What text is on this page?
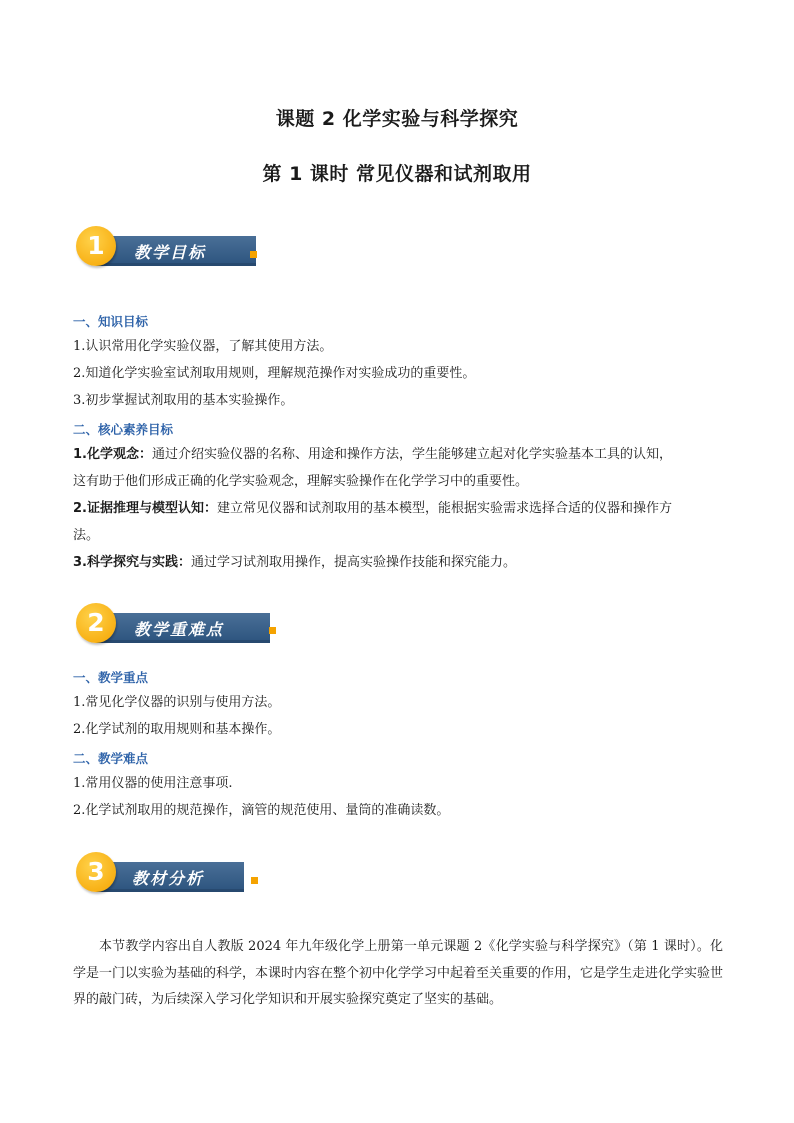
课题 2 化学实验与科学探究
第 1 课时 常见仪器和试剂取用
教学目标
1
一、知识目标
1.认识常用化学实验仪器，了解其使用方法。
2.知道化学实验室试剂取用规则，理解规范操作对实验成功的重要性。
3.初步掌握试剂取用的基本实验操作。
二、核心素养目标
1.化学观念：通过介绍实验仪器的名称、用途和操作方法，学生能够建立起对化学实验基本工具的认知，
这有助于他们形成正确的化学实验观念，理解实验操作在化学学习中的重要性。
2.证据推理与模型认知：建立常见仪器和试剂取用的基本模型，能根据实验需求选择合适的仪器和操作方
法。
3.科学探究与实践：通过学习试剂取用操作，提高实验操作技能和探究能力。
教学重难点
2
一、教学重点
1.常见化学仪器的识别与使用方法。
2.化学试剂的取用规则和基本操作。
二、教学难点
1.常用仪器的使用注意事项.
2.化学试剂取用的规范操作，滴管的规范使用、量筒的准确读数。
教材分析
3
本节教学内容出自人教版 2024 年九年级化学上册第一单元课题 2《化学实验与科学探究》（第 1 课时）。化学是一门以实验为基础的科学，本课时内容在整个初中化学学习中起着至关重要的作用，它是学生走进化学实验世界的敲门砖，为后续深入学习化学知识和开展实验探究奠定了坚实的基础。
